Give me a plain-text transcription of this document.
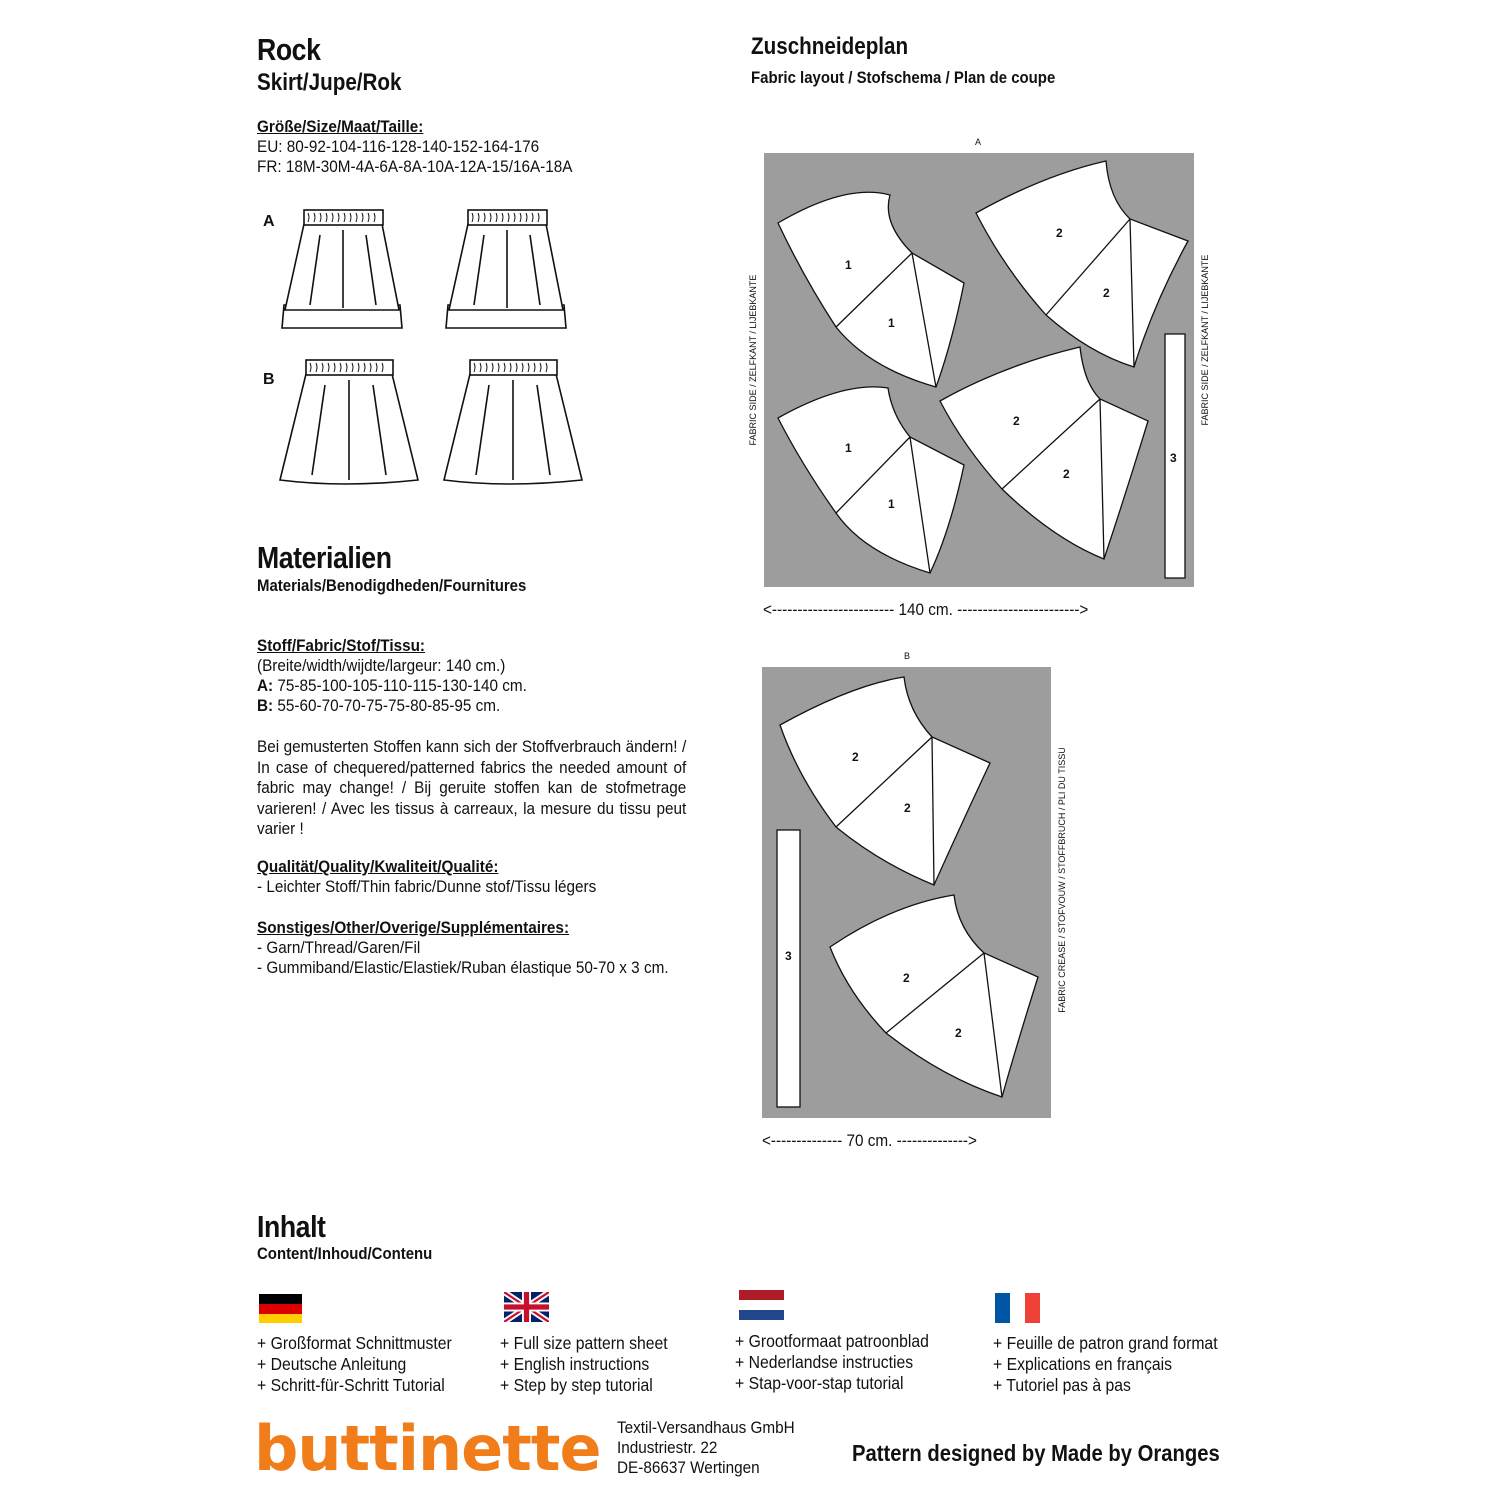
Rock
Skirt/Jupe/Rok
Größe/Size/Maat/Taille:
EU: 80-92-104-116-128-140-152-164-176
FR: 18M-30M-4A-6A-8A-10A-12A-15/16A-18A
A
B
Materialien
Materials/Benodigdheden/Fournitures
Stoff/Fabric/Stof/Tissu:
(Breite/width/wijdte/largeur: 140 cm.)
A: 75-85-100-105-110-115-130-140 cm.
B: 55-60-70-70-75-75-80-85-95 cm.
Bei gemusterten Stoffen kann sich der Stoffverbrauch ändern! / In case of chequered/patterned fabrics the needed amount of fabric may change! / Bij geruite stoffen kan de stofmetrage varieren! / Avec les tissus à carreaux, la mesure du tissu peut varier !
Qualität/Quality/Kwaliteit/Qualité:
- Leichter Stoff/Thin fabric/Dunne stof/Tissu légers
Sonstiges/Other/Overige/Supplémentaires:
- Garn/Thread/Garen/Fil
- Gummiband/Elastic/Elastiek/Ruban élastique 50-70 x 3 cm.
Zuschneideplan
Fabric layout / Stofschema / Plan de coupe
A
FABRIC SIDE / ZELFKANT / LIJEBKANTE	FABRIC SIDE / ZELFKANT / LIJEBKANTE
1
1
2
2
1
1
2
2
3
<------------------------ 140 cm. ------------------------>
B
FABRIC CREASE / STOFVOUW / STOFFBRUCH / PLI DU TISSU
2
2
2
2
3
<-------------- 70 cm. -------------->
Inhalt
Content/Inhoud/Contenu
+ Großformat Schnittmuster
+ Deutsche Anleitung
+ Schritt-für-Schritt Tutorial
+ Full size pattern sheet
+ English instructions
+ Step by step tutorial
+ Grootformaat patroonblad
+ Nederlandse instructies
+ Stap-voor-stap tutorial
+ Feuille de patron grand format
+ Explications en français
+ Tutoriel pas à pas
buttinette Textil-Versandhaus GmbH
Industriestr. 22
DE-86637 Wertingen
Pattern designed by Made by Oranges
